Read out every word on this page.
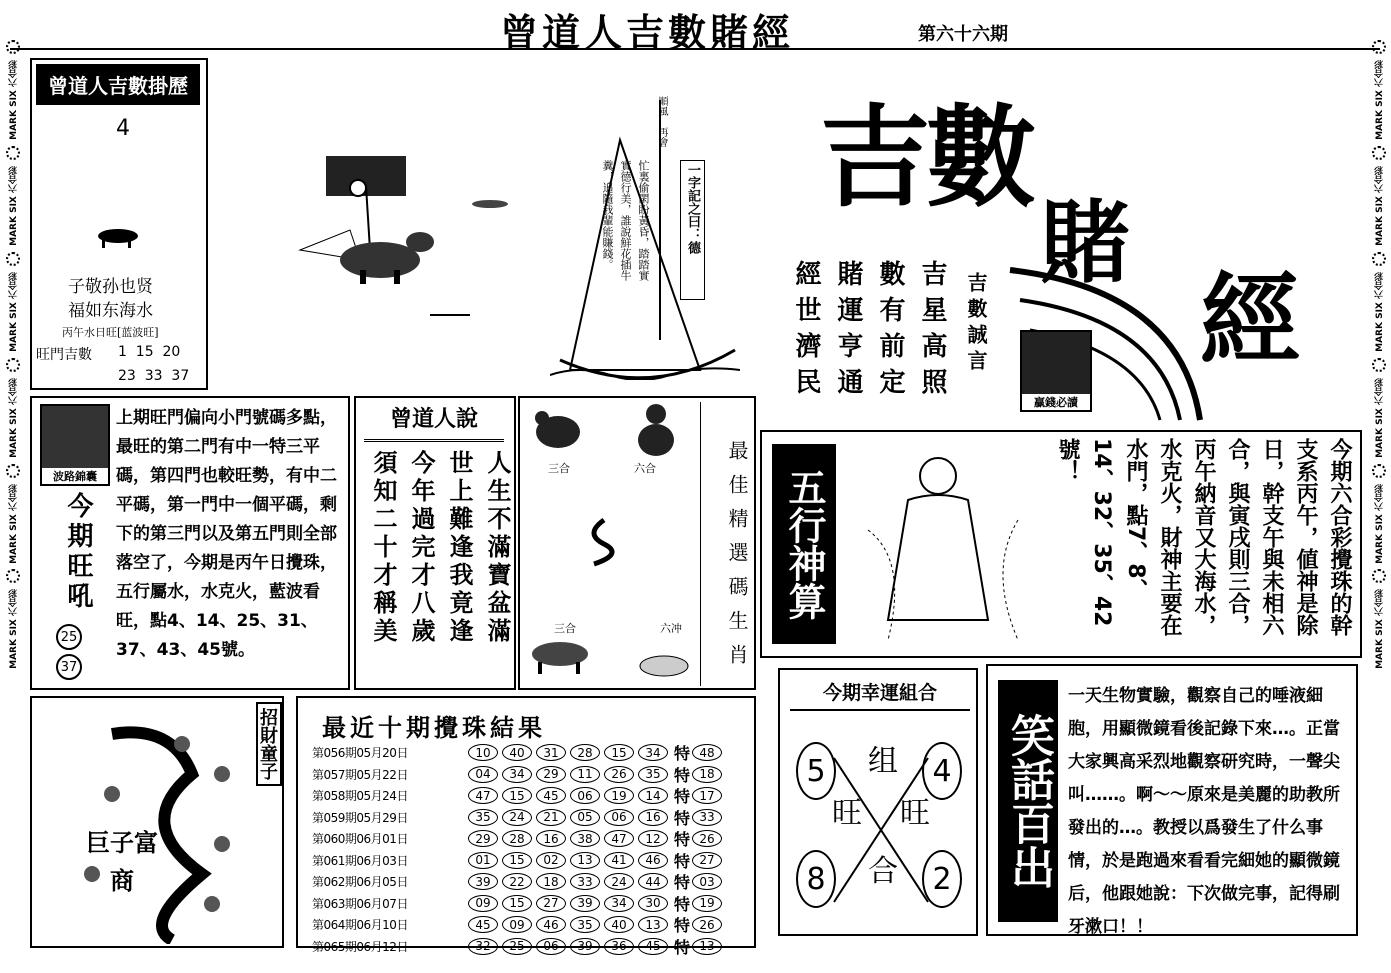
曾道人吉數賭經	第六十六期
MARK SIX 六合彩
MARK SIX 六合彩
MARK SIX 六合彩
MARK SIX 六合彩
MARK SIX 六合彩
MARK SIX 六合彩
MARK SIX 六合彩
MARK SIX 六合彩
MARK SIX 六合彩
MARK SIX 六合彩
MARK SIX 六合彩
MARK SIX 六合彩
曾道人吉數掛歷
4
子敬孙也贤
福如东海水
丙午水日旺[蓝波旺]
旺門吉數 1  15  20
23  33  37
順風 再會
忙裏偷閑盼黃昏，踏踏實實德行美，誰說鮮花插牛糞，追隨我輩能賺錢。	一字記之曰：德 吉數
賭
經
贏錢必讀
吉星高照
數有前定
賭運亨通
經世濟民	吉數誠言
波路錦囊
今期旺吼
25
37
上期旺門偏向小門號碼多點，最旺的第二門有中一特三平碼，第四門也較旺勢，有中二平碼，第一門中一個平碼，剩下的第三門以及第五門則全部落空了，今期是丙午日攪珠，五行屬水，水克火，藍波看旺，點4、14、25、31、37、43、45號。
曾道人說
人生不滿寶盆滿
世上難逢我竟逢
今年過完才八歲
須知二十才稱美	三合	六合
三合	六冲	最佳精選碼生肖 五行神算	今期六合彩攪珠的幹支系丙午，値神是除日，幹支午與未相六合，與寅戌則三合，丙午納音又大海水，水克火，財神主要在水門，點7、8、14、32、35、42號！
招財童子
巨子富商
最近十期攪珠結果
第056期05月20日	10	40	31	28	15	34 特 48
第057期05月22日	04	34	29	11	26	35 特 18
第058期05月24日	47	15	45	06	19	14 特 17
第059期05月29日	35	24	21	05	06	16 特 33
第060期06月01日	29	28	16	38	47	12 特 26
第061期06月03日	01	15	02	13	41	46 特 27
第062期06月05日	39	22	18	33	24	44 特 03
第063期06月07日	09	15	27	39	34	30 特 19
第064期06月10日	45	09	46	35	40	13 特 26
第065期06月12日	32	25	06	39	36	45 特 13
今期幸運組合
5	4
8	2
组
旺 旺
合 笑話百出
一天生物實驗，觀察自己的唾液細胞，用顯微鏡看後記錄下來…。正當大家興高采烈地觀察研究時，一聲尖叫……。啊～～原來是美麗的助教所發出的…。教授以爲發生了什么事情，於是跑過來看看完細她的顯微鏡后，他跟她說：下次做完事，記得刷牙漱口！！
